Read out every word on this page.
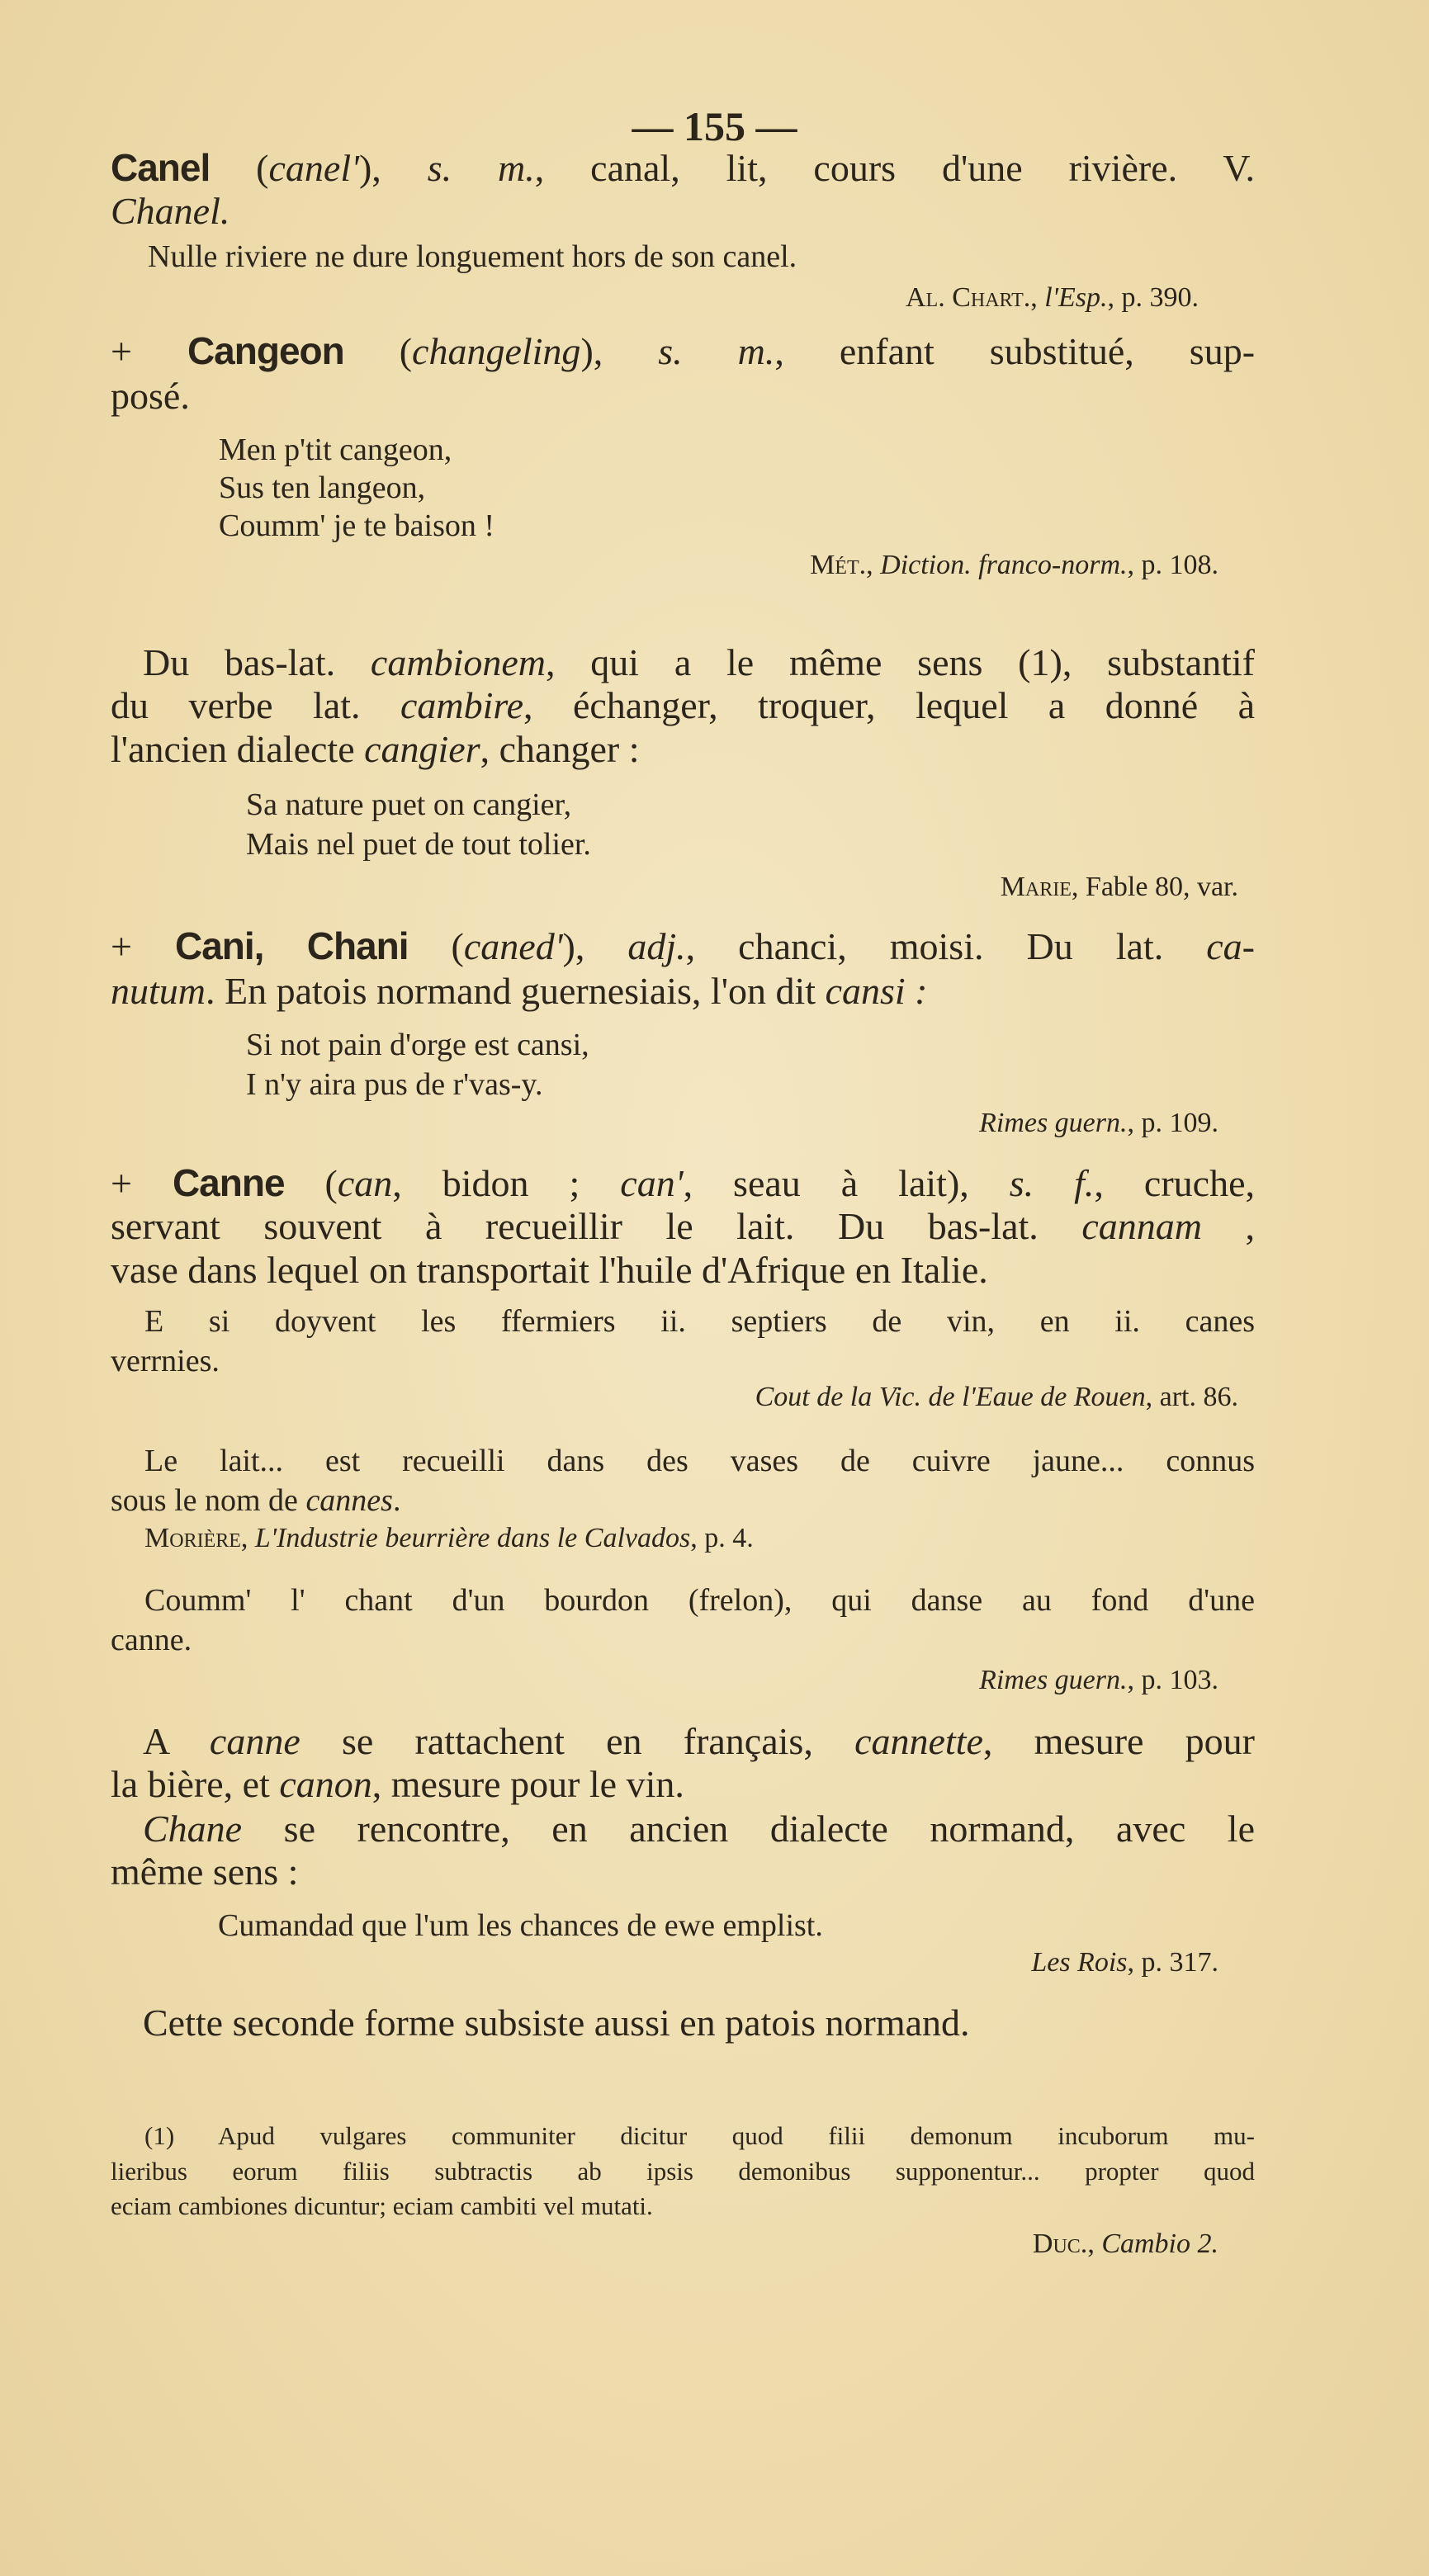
— 155 —
Canel (canel'), s. m., canal, lit, cours d'une rivière. V.
Chanel.
Nulle riviere ne dure longuement hors de son canel.
Al. Chart., l'Esp., p. 390.
+ Cangeon (changeling), s. m., enfant substitué, sup-
posé.
Men p'tit cangeon,
Sus ten langeon,
Coumm' je te baison !
Mét., Diction. franco-norm., p. 108.
Du bas-lat. cambionem, qui a le même sens (1), substantif
du verbe lat. cambire, échanger, troquer, lequel a donné à
l'ancien dialecte cangier, changer :
Sa nature puet on cangier,
Mais nel puet de tout tolier.
Marie, Fable 80, var.
+ Cani, Chani (caned'), adj., chanci, moisi. Du lat. ca-
nutum. En patois normand guernesiais, l'on dit cansi :
Si not pain d'orge est cansi,
I n'y aira pus de r'vas-y.
Rimes guern., p. 109.
+ Canne (can, bidon ; can', seau à lait), s. f., cruche,
servant souvent à recueillir le lait. Du bas-lat. cannam ,
vase dans lequel on transportait l'huile d'Afrique en Italie.
E si doyvent les ffermiers ii. septiers de vin, en ii. canes
verrnies.
Cout de la Vic. de l'Eaue de Rouen, art. 86.
Le lait... est recueilli dans des vases de cuivre jaune... connus
sous le nom de cannes.
Morière, L'Industrie beurrière dans le Calvados, p. 4.
Coumm' l' chant d'un bourdon (frelon), qui danse au fond d'une
canne.
Rimes guern., p. 103.
A canne se rattachent en français, cannette, mesure pour
la bière, et canon, mesure pour le vin.
Chane se rencontre, en ancien dialecte normand, avec le
même sens :
Cumandad que l'um les chances de ewe emplist.
Les Rois, p. 317.
Cette seconde forme subsiste aussi en patois normand.
(1) Apud vulgares communiter dicitur quod filii demonum incuborum mu-
lieribus eorum filiis subtractis ab ipsis demonibus supponentur... propter quod
eciam cambiones dicuntur; eciam cambiti vel mutati.
Duc., Cambio 2.
